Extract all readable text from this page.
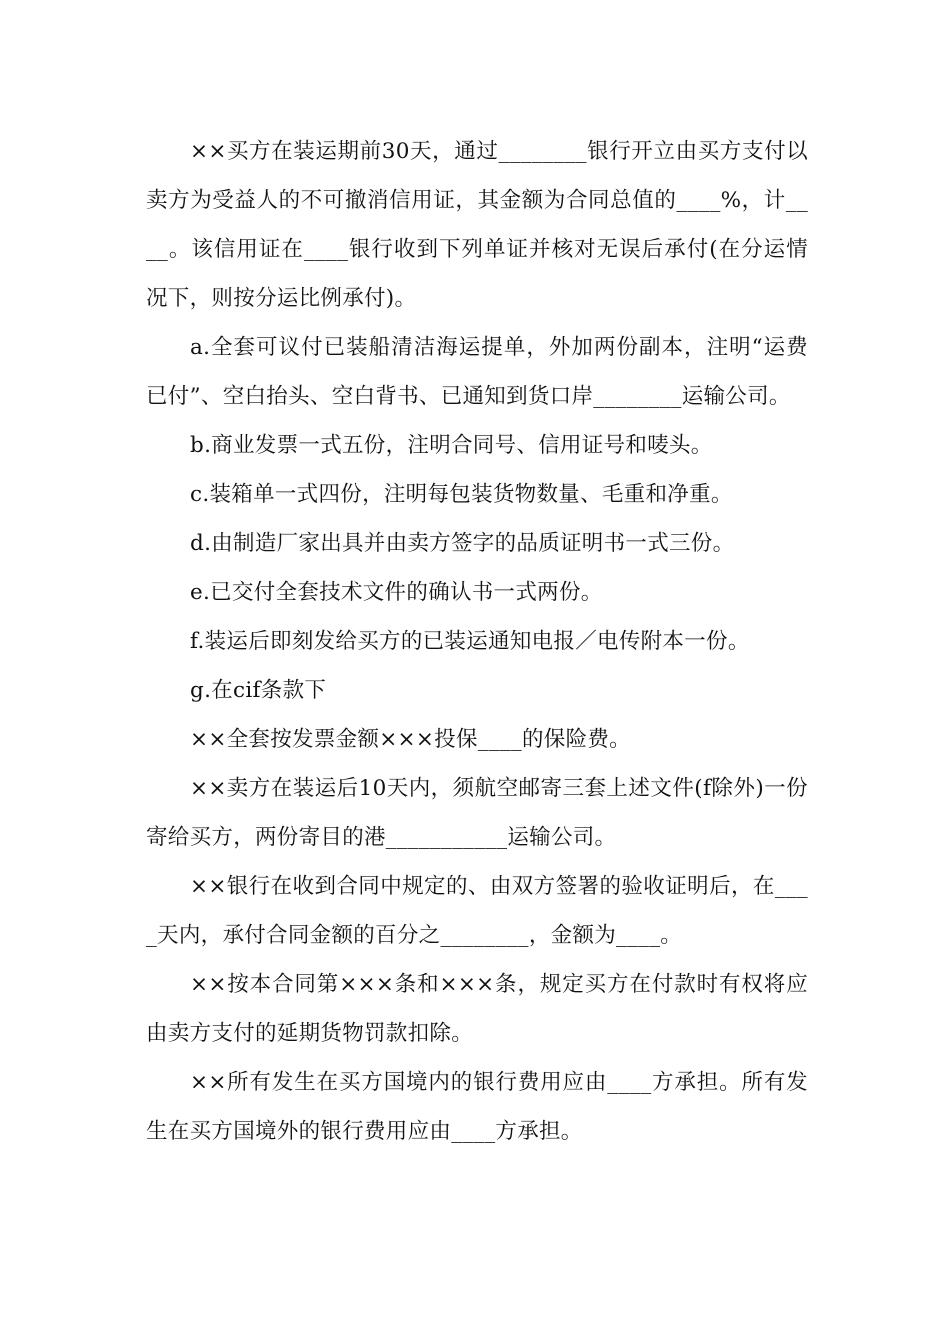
××买方在装运期前30天，通过________银行开立由买方支付以卖方为受益人的不可撤消信用证，其金额为合同总值的____%，计____。该信用证在____银行收到下列单证并核对无误后承付(在分运情况下，则按分运比例承付)。

a.全套可议付已装船清洁海运提单，外加两份副本，注明“运费已付”、空白抬头、空白背书、已通知到货口岸________运输公司。

b.商业发票一式五份，注明合同号、信用证号和唛头。

c.装箱单一式四份，注明每包装货物数量、毛重和净重。

d.由制造厂家出具并由卖方签字的品质证明书一式三份。

e.已交付全套技术文件的确认书一式两份。

f.装运后即刻发给买方的已装运通知电报／电传附本一份。

g.在cif条款下

××全套按发票金额×××投保____的保险费。

××卖方在装运后10天内，须航空邮寄三套上述文件(f除外)一份寄给买方，两份寄目的港___________运输公司。

××银行在收到合同中规定的、由双方签署的验收证明后，在____天内，承付合同金额的百分之________，金额为____。

××按本合同第×××条和×××条，规定买方在付款时有权将应由卖方支付的延期货物罚款扣除。

××所有发生在买方国境内的银行费用应由____方承担。所有发生在买方国境外的银行费用应由____方承担。
